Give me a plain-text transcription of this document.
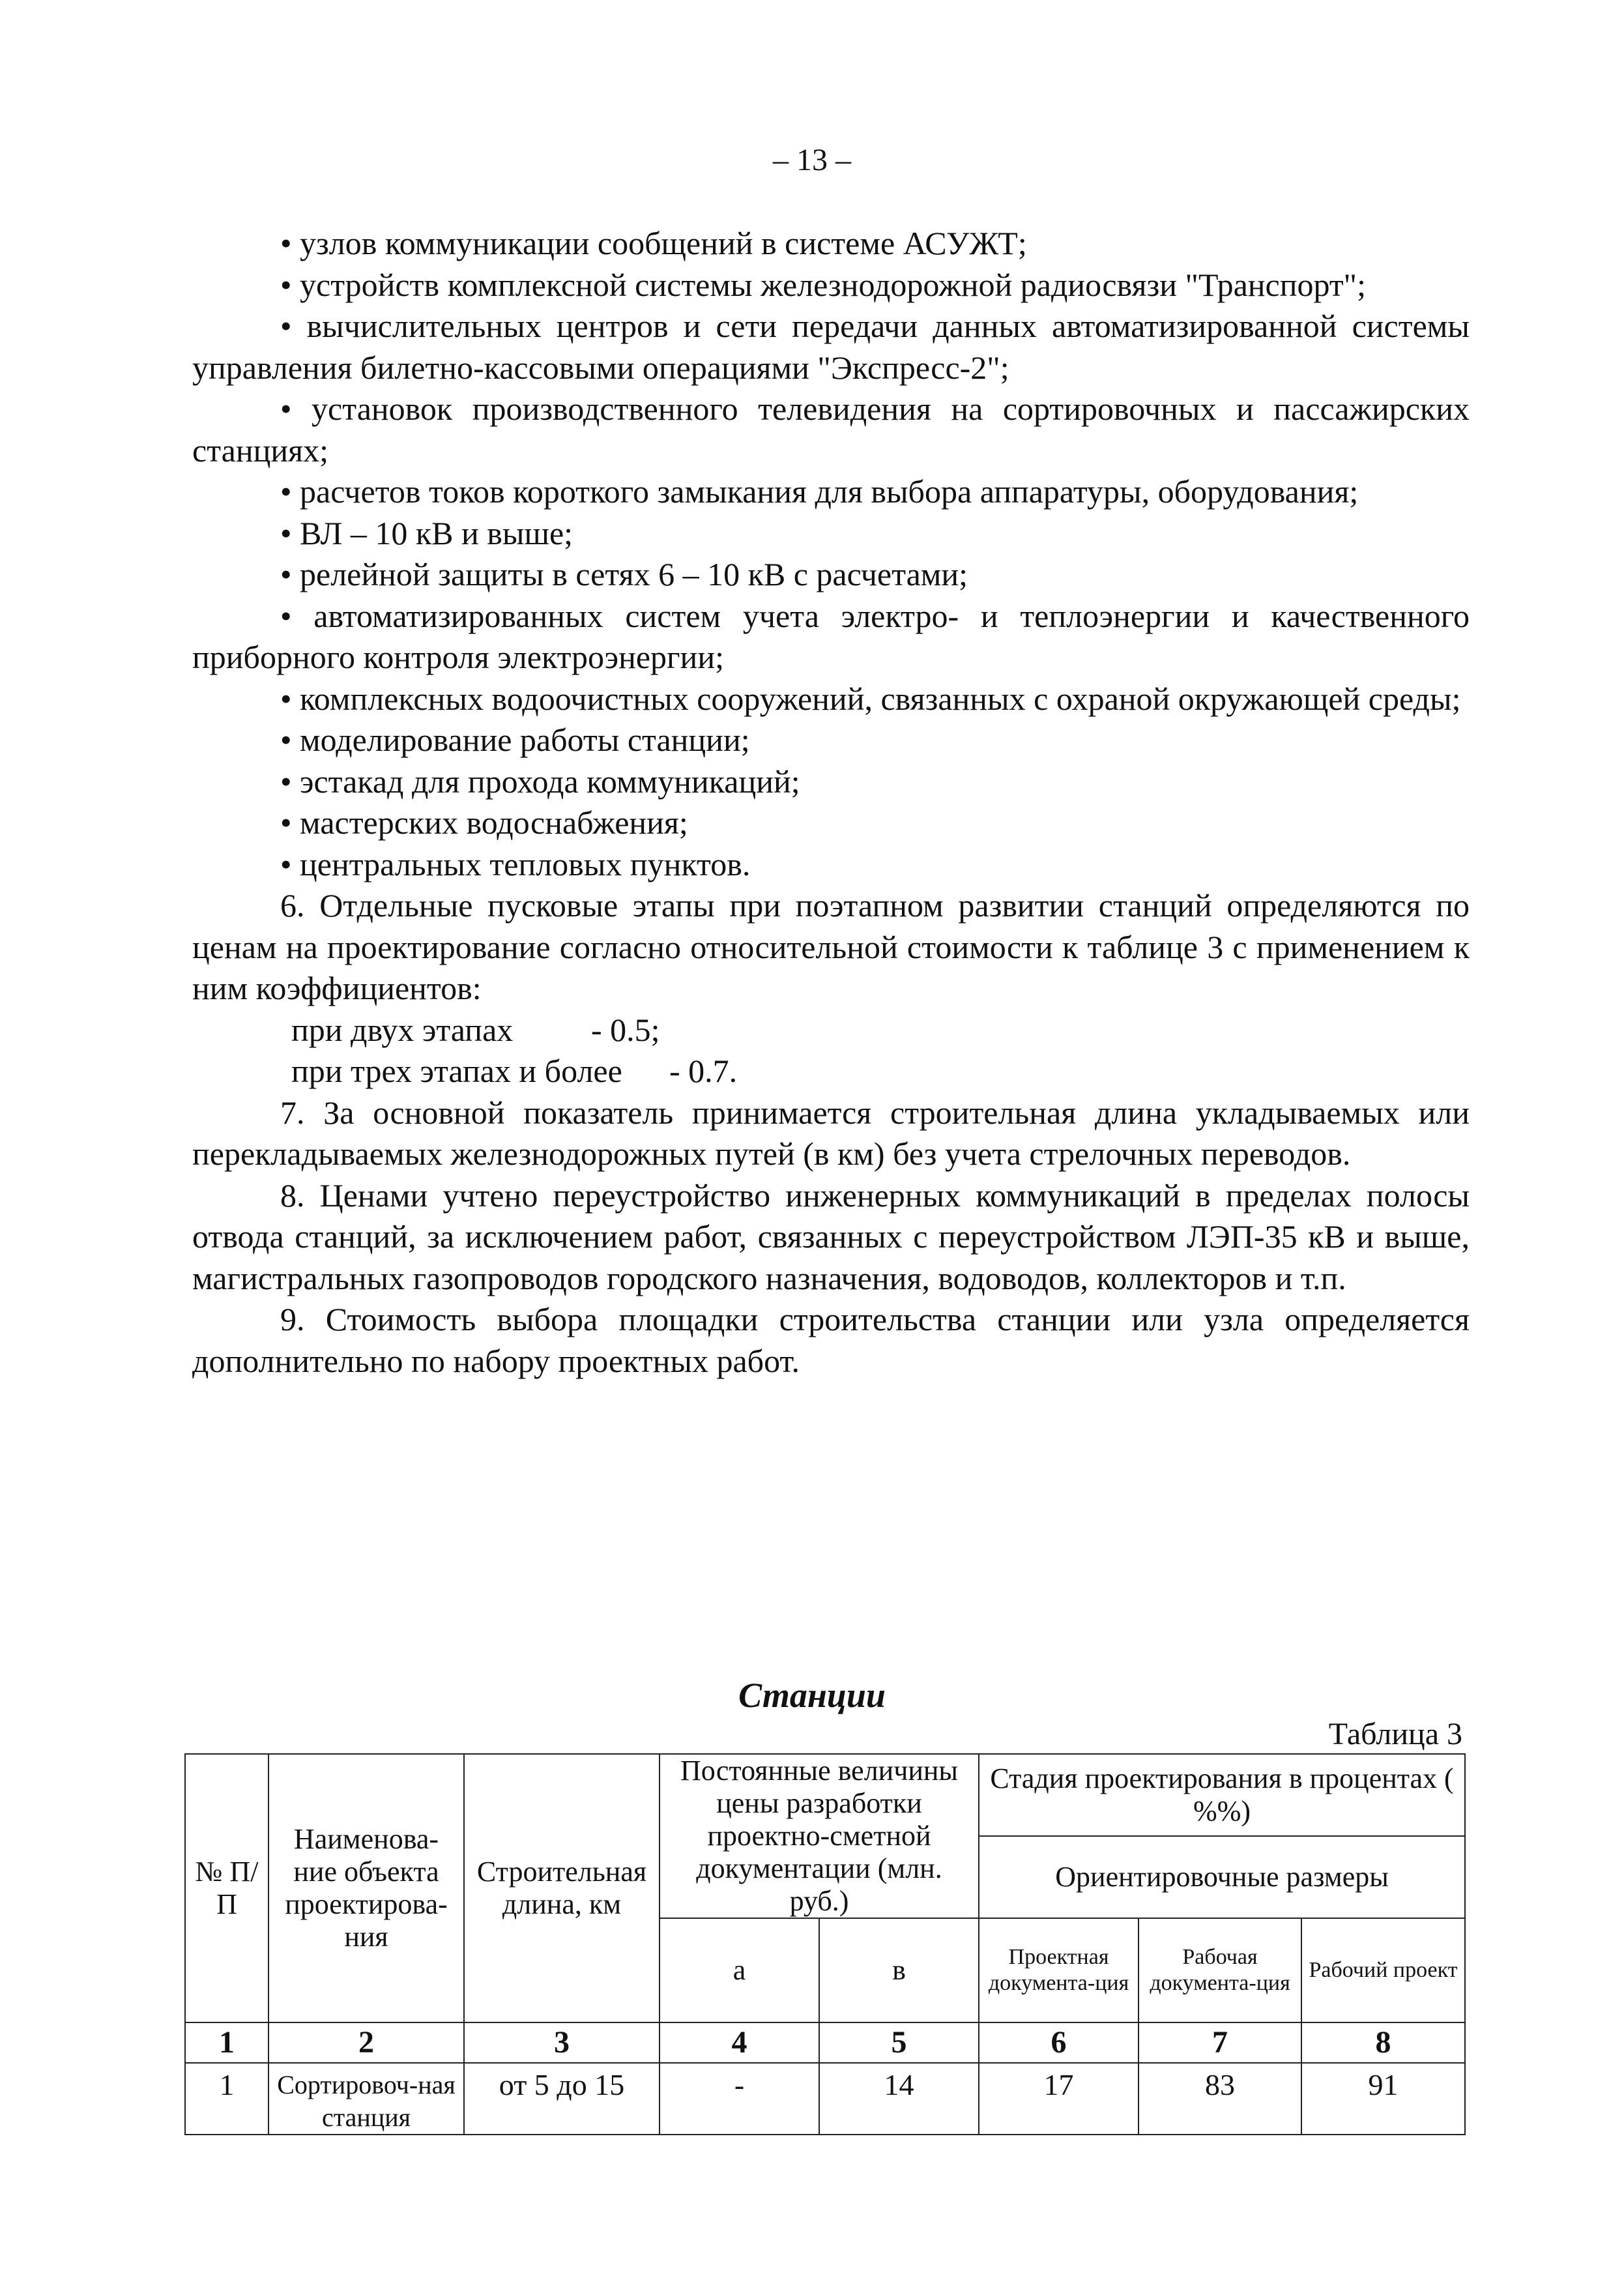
– 13 –

• узлов коммуникации сообщений в системе АСУЖТ;

• устройств комплексной системы железнодорожной радиосвязи "Транспорт";

• вычислительных центров и сети передачи данных автоматизированной системы управления билетно-кассовыми операциями "Экспресс-2";

• установок производственного телевидения на сортировочных и пассажирских станциях;

• расчетов токов короткого замыкания для выбора аппаратуры, оборудования;

• ВЛ – 10 кВ и выше;

• релейной защиты в сетях 6 – 10 кВ с расчетами;

• автоматизированных систем учета электро- и теплоэнергии и качественного приборного контроля электроэнергии;

• комплексных водоочистных сооружений, связанных с охраной окружающей среды;

• моделирование работы станции;

• эстакад для прохода коммуникаций;

• мастерских водоснабжения;

• центральных тепловых пунктов.

6. Отдельные пусковые этапы при поэтапном развитии станций определяются по ценам на проектирование согласно относительной стоимости к таблице 3 с применением к ним коэффициентов:

при двух этапах - 0.5;

при трех этапах и более - 0.7.

7. За основной показатель принимается строительная длина укладываемых или перекладываемых железнодорожных путей (в км) без учета стрелочных переводов.

8. Ценами учтено переустройство инженерных коммуникаций в пределах полосы отвода станций, за исключением работ, связанных с переустройством ЛЭП-35 кВ и выше, магистральных газопроводов городского назначения, водоводов, коллекторов и т.п.

9. Стоимость выбора площадки строительства станции или узла определяется дополнительно по набору проектных работ.

Станции
Таблица 3
№ П/П	Наименова-ние объекта проектирова-ния	Строительная длина, км	Постоянные величины цены разработки проектно-сметной документации (млн. руб.)		Стадия проектирования в процентах ( %%)		
					Ориентировочные размеры		
			а	в	Проектная документа-ция	Рабочая документа-ция	Рабочий проект
1	2	3	4	5	6	7	8
1	Сортировоч-ная станция	от 5 до 15	-	14	17	83	91
